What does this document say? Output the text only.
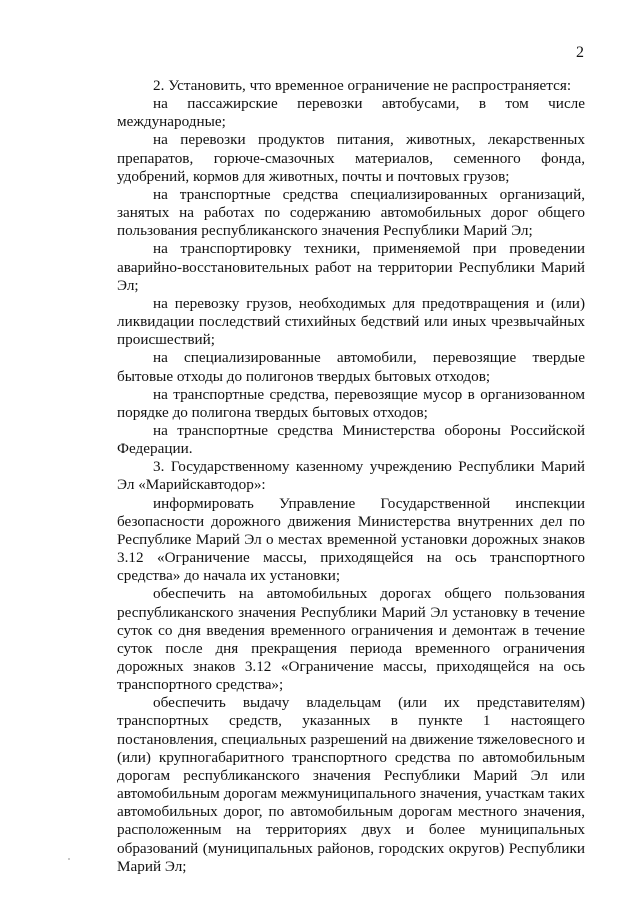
2

2. Установить, что временное ограничение не распространяется:

на пассажирские перевозки автобусами, в том числе международные;

на перевозки продуктов питания, животных, лекарственных препаратов, горюче-смазочных материалов, семенного фонда, удобрений, кормов для животных, почты и почтовых грузов;

на транспортные средства специализированных организаций, занятых на работах по содержанию автомобильных дорог общего пользования республиканского значения Республики Марий Эл;

на транспортировку техники, применяемой при проведении аварийно-восстановительных работ на территории Республики Марий Эл;

на перевозку грузов, необходимых для предотвращения и (или) ликвидации последствий стихийных бедствий или иных чрезвычайных происшествий;

на специализированные автомобили, перевозящие твердые бытовые отходы до полигонов твердых бытовых отходов;

на транспортные средства, перевозящие мусор в организованном порядке до полигона твердых бытовых отходов;

на транспортные средства Министерства обороны Российской Федерации.

3. Государственному казенному учреждению Республики Марий Эл «Марийскавтодор»:

информировать Управление Государственной инспекции безопасности дорожного движения Министерства внутренних дел по Республике Марий Эл о местах временной установки дорожных знаков 3.12 «Ограничение массы, приходящейся на ось транспортного средства» до начала их установки;

обеспечить на автомобильных дорогах общего пользования республиканского значения Республики Марий Эл установку в течение суток со дня введения временного ограничения и демонтаж в течение суток после дня прекращения периода временного ограничения дорожных знаков 3.12 «Ограничение массы, приходящейся на ось транспортного средства»;

обеспечить выдачу владельцам (или их представителям) транспортных средств, указанных в пункте 1 настоящего постановления, специальных разрешений на движение тяжеловесного и (или) крупногабаритного транспортного средства по автомобильным дорогам республиканского значения Республики Марий Эл или автомобильным дорогам межмуниципального значения, участкам таких автомобильных дорог, по автомобильным дорогам местного значения, расположенным на территориях двух и более муниципальных образований (муниципальных районов, городских округов) Республики Марий Эл;
